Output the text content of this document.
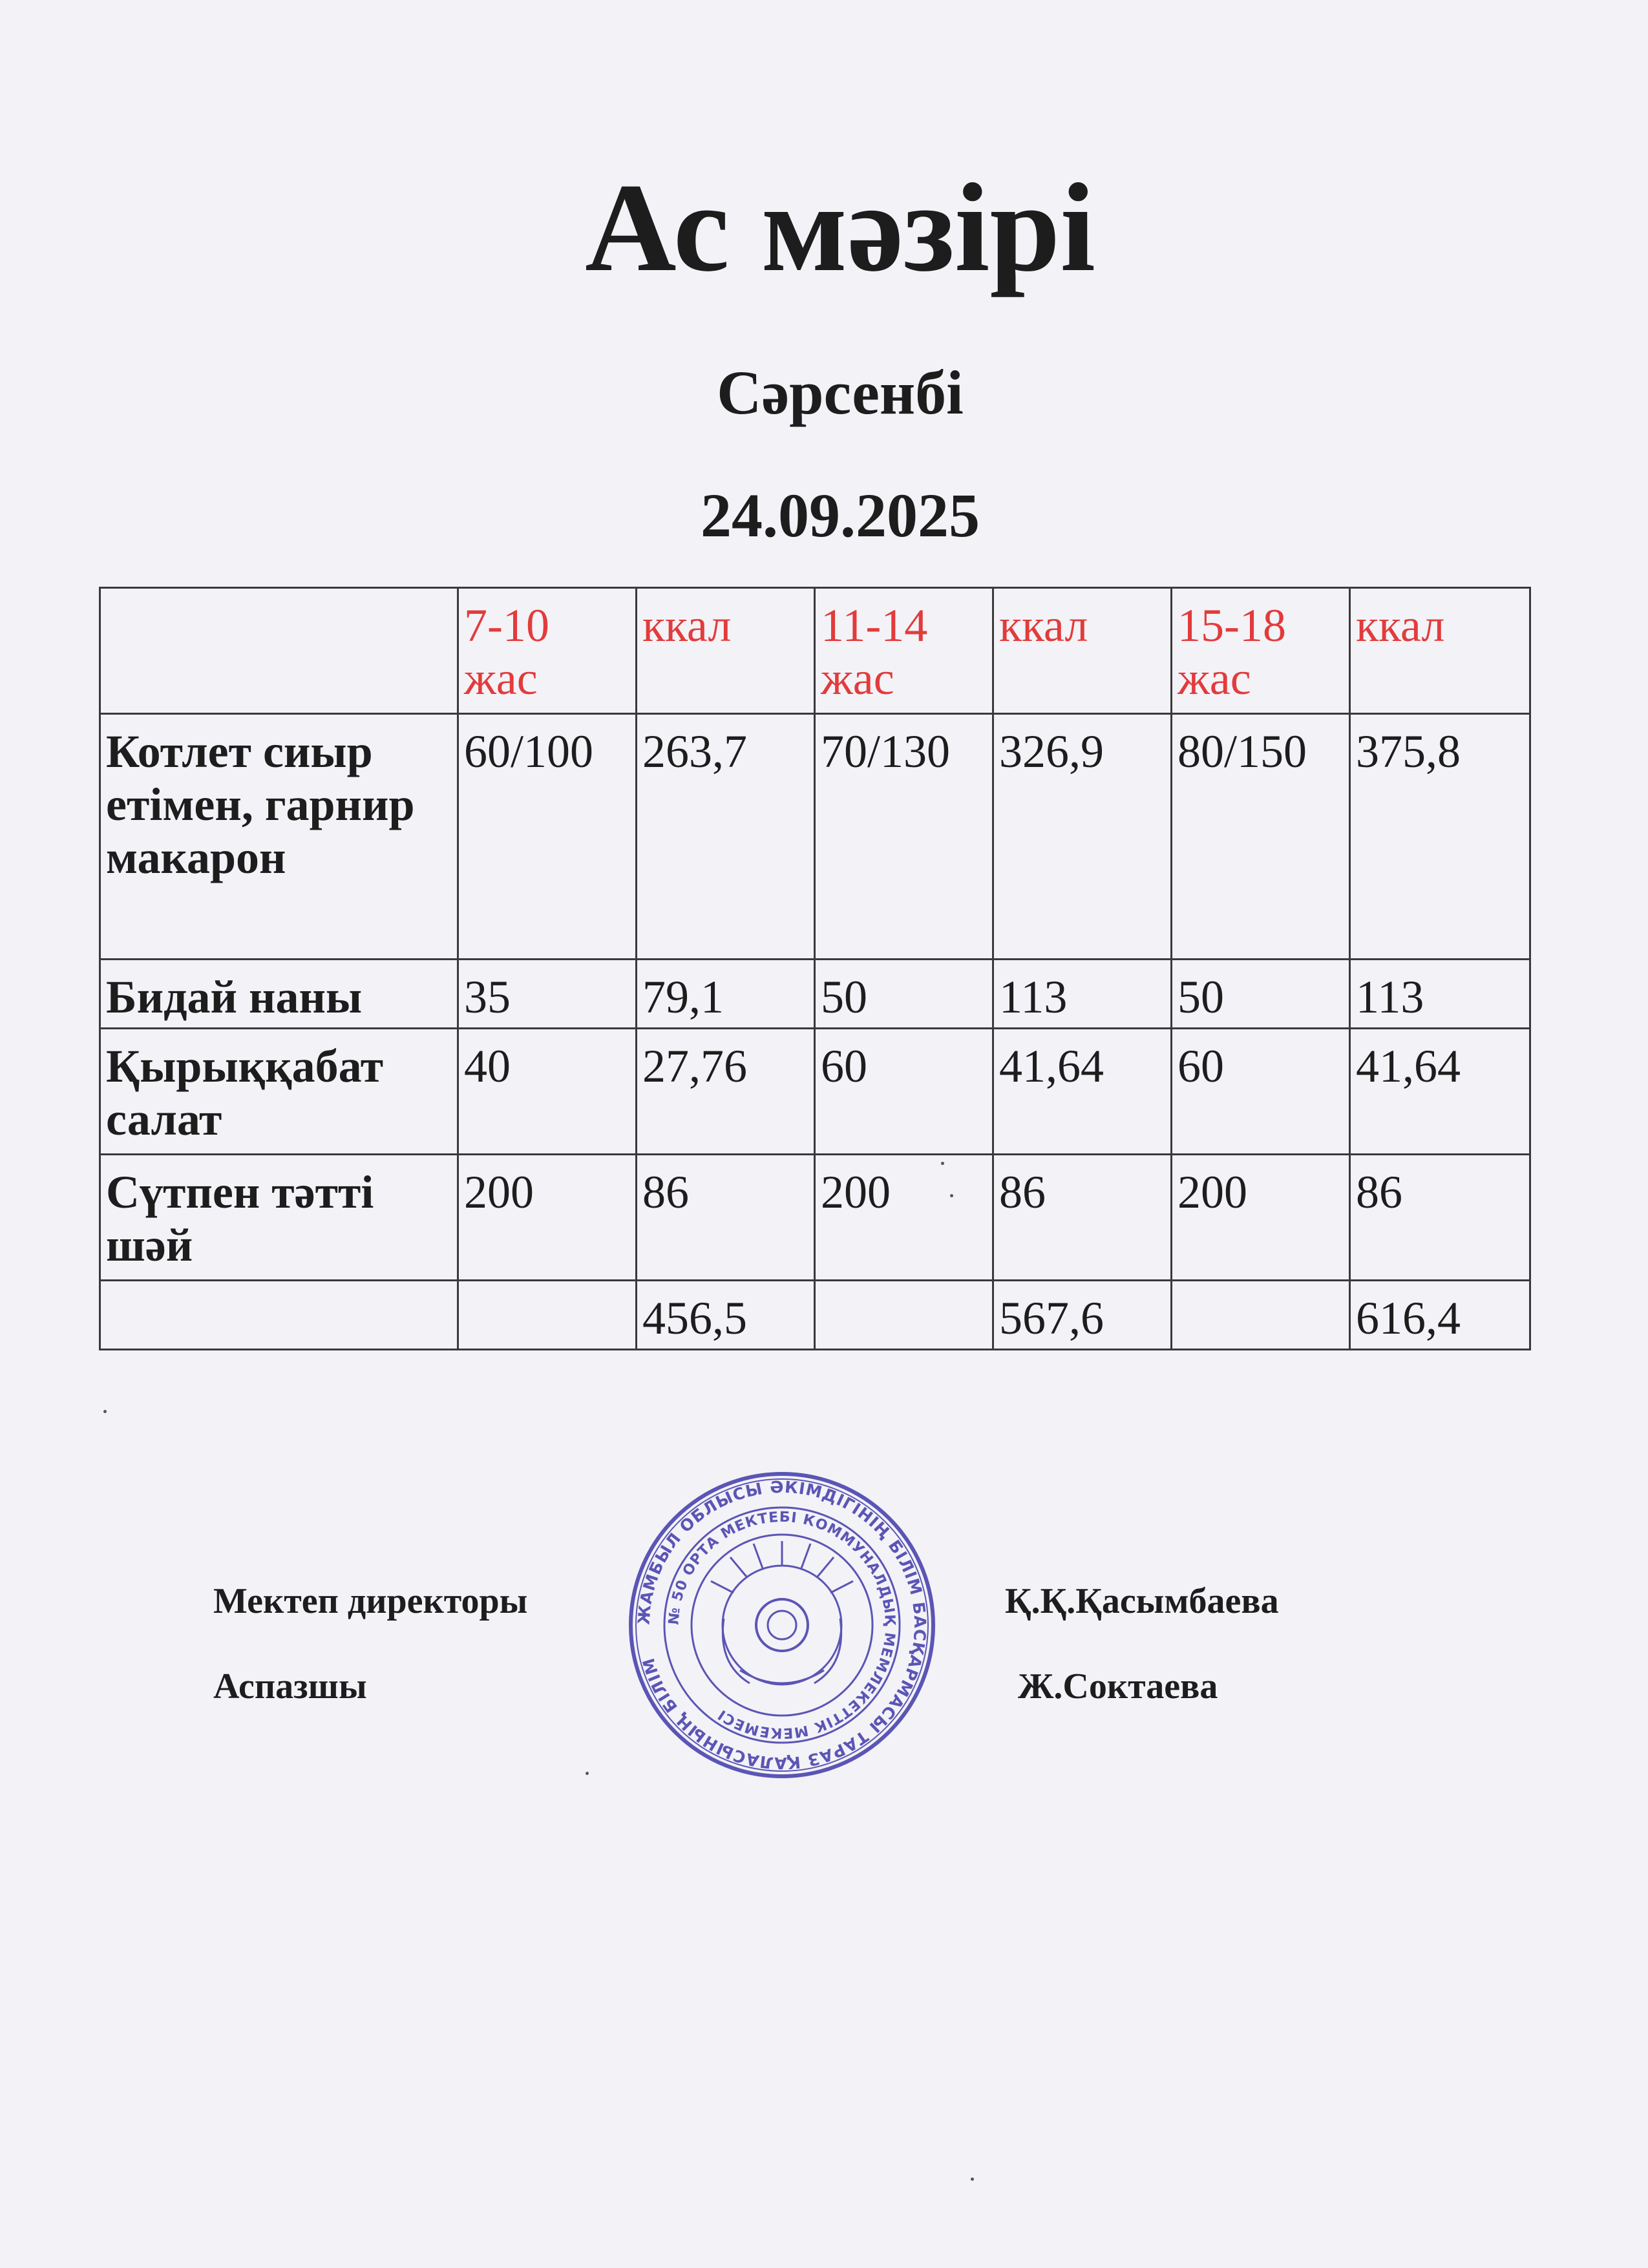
Ас мәзірі
Сәрсенбі
24.09.2025
	7-10 жас	ккал	11-14 жас	ккал	15-18 жас	ккал
Котлет сиыр етімен, гарнир макарон	60/100	263,7	70/130	326,9	80/150	375,8
Бидай наны	35	79,1	50	113	50	113
Қырыққабат салат	40	27,76	60	41,64	60	41,64
Сүтпен тәтті шәй	200	86	200	86	200	86
		456,5		567,6		616,4
Мектеп директоры	Қ.Қ.Қасымбаева
Аспазшы	Ж.Соктаева
ЖАМБЫЛ ОБЛЫСЫ ӘКІМДІГІНІҢ БІЛІМ БАСҚАРМАСЫ ТАРАЗ ҚАЛАСЫНЫҢ БІЛІМ
№ 50 ОРТА МЕКТЕБІ КОММУНАЛДЫҚ МЕМЛЕКЕТТІК МЕКЕМЕСІ
